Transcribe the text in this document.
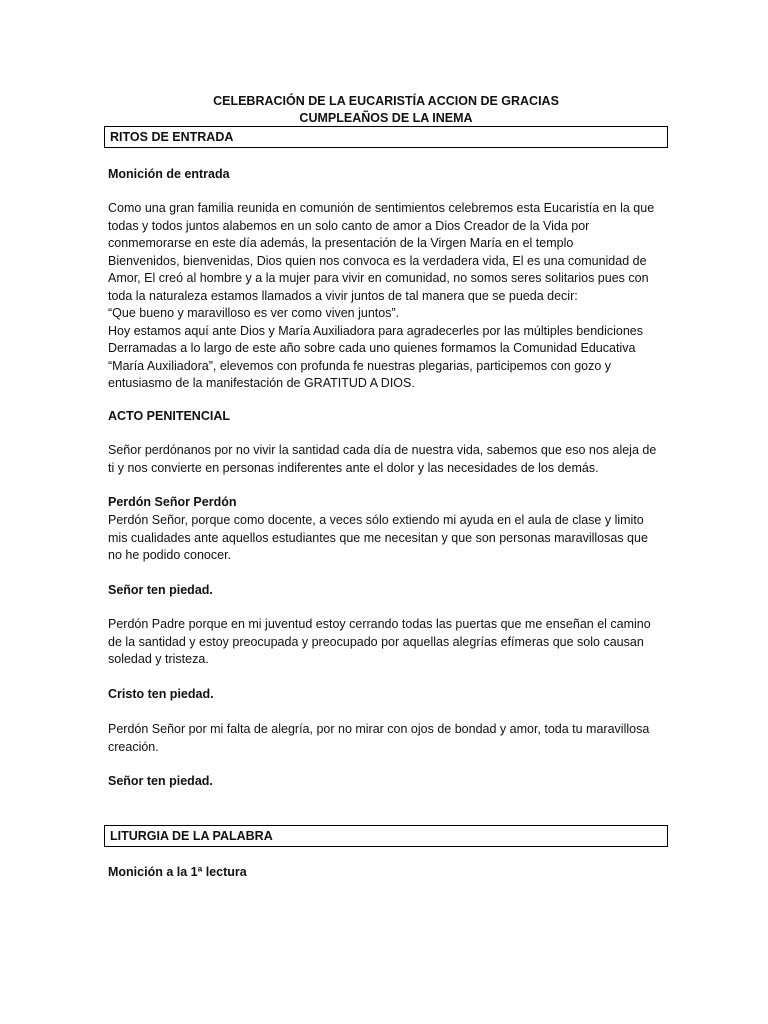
CELEBRACIÓN DE LA EUCARISTÍA ACCION DE GRACIAS
CUMPLEAÑOS DE LA INEMA
RITOS DE ENTRADA
Monición de entrada

Como una gran familia reunida en comunión de sentimientos celebremos esta Eucaristía en la que
todas y todos juntos alabemos en un solo canto de amor a Dios Creador de la Vida por
conmemorarse en este día además, la presentación de la Virgen María en el templo
Bienvenidos, bienvenidas, Dios quien nos convoca es la verdadera vida, El es una comunidad de
Amor, El creó al hombre y a la mujer para vivir en comunidad, no somos seres solitarios pues con
toda la naturaleza estamos llamados a vivir juntos de tal manera que se pueda decir:
“Que bueno y maravilloso es ver como viven juntos”.
Hoy estamos aquí ante Dios y María Auxiliadora para agradecerles por las múltiples bendiciones
Derramadas a lo largo de este año sobre cada uno quienes formamos la Comunidad Educativa
“María Auxiliadora”, elevemos con profunda fe nuestras plegarias, participemos con gozo y
entusiasmo de la manifestación de GRATITUD A DIOS.

ACTO PENITENCIAL

Señor perdónanos por no vivir la santidad cada día de nuestra vida, sabemos que eso nos aleja de
ti y nos convierte en personas indiferentes ante el dolor y las necesidades de los demás.

Perdón Señor Perdón

Perdón Señor, porque como docente, a veces sólo extiendo mi ayuda en el aula de clase y limito
mis cualidades ante aquellos estudiantes que me necesitan y que son personas maravillosas que
no he podido conocer.

Señor ten piedad.

Perdón Padre porque en mi juventud estoy cerrando todas las puertas que me enseñan el camino
de la santidad y estoy preocupada y preocupado por aquellas alegrías efímeras que solo causan
soledad y tristeza.

Cristo ten piedad.

Perdón Señor por mi falta de alegría, por no mirar con ojos de bondad y amor, toda tu maravillosa
creación.

Señor ten piedad.
LITURGIA DE LA PALABRA
Monición a la 1ª lectura
